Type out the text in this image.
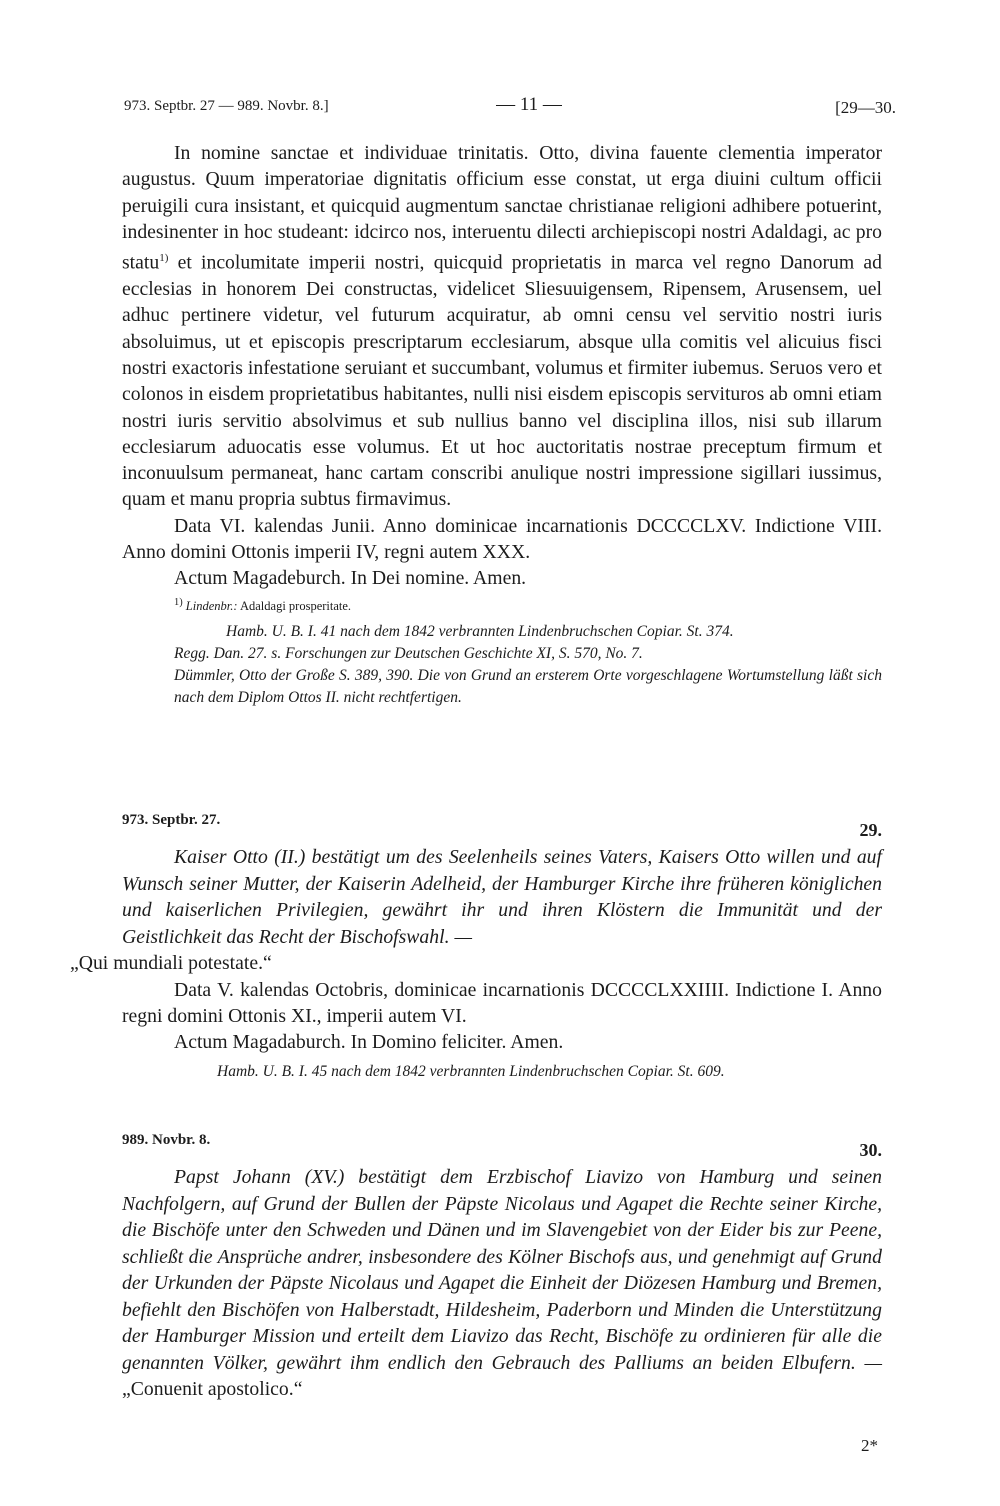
973. Septbr. 27 — 989. Novbr. 8.]	— 11 —	[29—30.

In nomine sanctae et individuae trinitatis. Otto, divina fauente clementia imperator augustus. Quum imperatoriae dignitatis officium esse constat, ut erga diuini cultum officii peruigili cura insistant, et quicquid augmentum sanctae christianae religioni adhibere potuerint, indesinenter in hoc studeant: idcirco nos, interuentu dilecti archiepiscopi nostri Adaldagi, ac pro statu$^{1)}$ et incolumitate imperii nostri, quicquid proprietatis in marca vel regno Danorum ad ecclesias in honorem Dei constructas, videlicet Sliesuuigensem, Ripensem, Arusensem, uel adhuc pertinere videtur, vel futurum acquiratur, ab omni censu vel servitio nostri iuris absoluimus, ut et episcopis prescriptarum ecclesiarum, absque ulla comitis vel alicuius fisci nostri exactoris infestatione seruiant et succumbant, volumus et firmiter iubemus. Seruos vero et colonos in eisdem proprietatibus habitantes, nulli nisi eisdem episcopis servituros ab omni etiam nostri iuris servitio absolvimus et sub nullius banno vel disciplina illos, nisi sub illarum ecclesiarum aduocatis esse volumus. Et ut hoc auctoritatis nostrae preceptum firmum et inconuulsum permaneat, hanc cartam conscribi anulique nostri impressione sigillari iussimus, quam et manu propria subtus firmavimus.

Data VI. kalendas Junii. Anno dominicae incarnationis DCCCCLXV. Indictione VIII. Anno domini Ottonis imperii IV, regni autem XXX.

Actum Magadeburch. In Dei nomine. Amen.

$^{1)}$ Lindenbr.: Adaldagi prosperitate.

Hamb. U. B. I. 41 nach dem 1842 verbrannten Lindenbruchschen Copiar. St. 374.
Regg. Dan. 27. s. Forschungen zur Deutschen Geschichte XI, S. 570, No. 7.
Dümmler, Otto der Große S. 389, 390. Die von Grund an ersterem Orte vorgeschlagene Wortumstellung läßt sich nach dem Diplom Ottos II. nicht rechtfertigen.

973. Septbr. 27.	29.

Kaiser Otto (II.) bestätigt um des Seelenheils seines Vaters, Kaisers Otto willen und auf Wunsch seiner Mutter, der Kaiserin Adelheid, der Hamburger Kirche ihre früheren königlichen und kaiserlichen Privilegien, gewährt ihr und ihren Klöstern die Immunität und der Geistlichkeit das Recht der Bischofswahl. —
„Qui mundiali potestate.“

Data V. kalendas Octobris, dominicae incarnationis DCCCCLXXIIII. Indictione I. Anno regni domini Ottonis XI., imperii autem VI.

Actum Magadaburch. In Domino feliciter. Amen.

Hamb. U. B. I. 45 nach dem 1842 verbrannten Lindenbruchschen Copiar. St. 609.

989. Novbr. 8.	30.

Papst Johann (XV.) bestätigt dem Erzbischof Liavizo von Hamburg und seinen Nachfolgern, auf Grund der Bullen der Päpste Nicolaus und Agapet die Rechte seiner Kirche, die Bischöfe unter den Schweden und Dänen und im Slavengebiet von der Eider bis zur Peene, schließt die Ansprüche andrer, insbesondere des Kölner Bischofs aus, und genehmigt auf Grund der Urkunden der Päpste Nicolaus und Agapet die Einheit der Diözesen Hamburg und Bremen, befiehlt den Bischöfen von Halberstadt, Hildesheim, Paderborn und Minden die Unterstützung der Hamburger Mission und erteilt dem Liavizo das Recht, Bischöfe zu ordinieren für alle die genannten Völker, gewährt ihm endlich den Gebrauch des Palliums an beiden Elbufern. — „Conuenit apostolico.“

2*
